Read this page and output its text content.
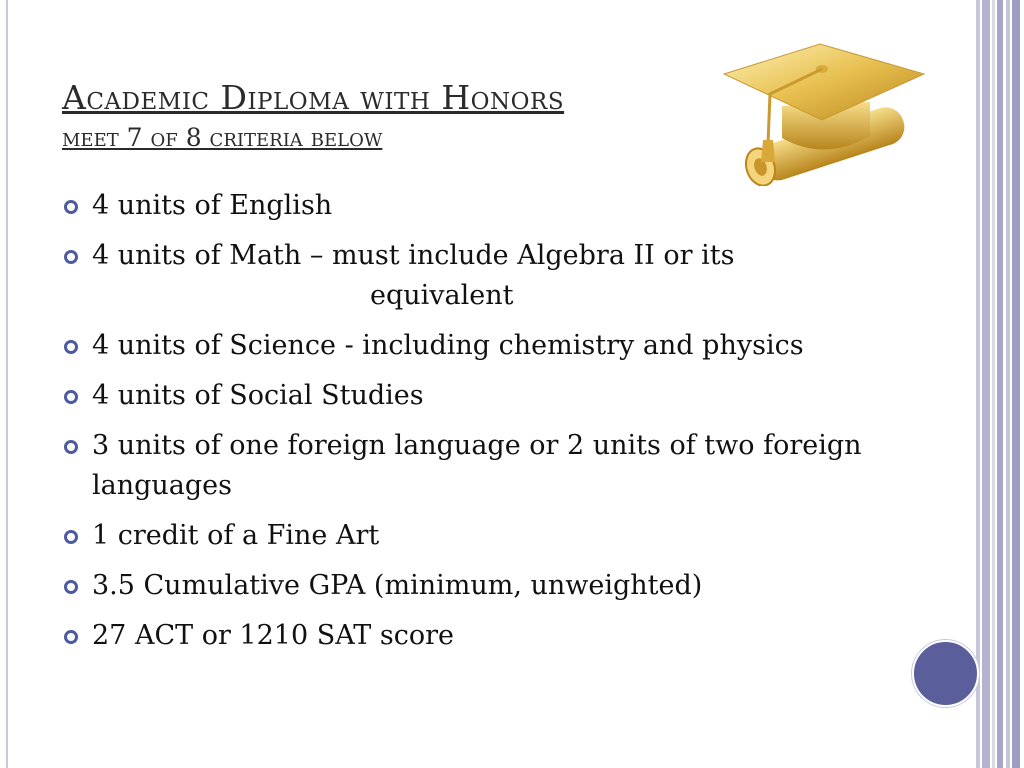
Academic Diploma with Honors
meet 7 of 8 criteria below
4 units of English
4 units of Math – must include Algebra II or its
equivalent
4 units of Science - including chemistry and physics
4 units of Social Studies
3 units of one foreign language or 2 units of two foreign languages
1 credit of a Fine Art
3.5 Cumulative GPA (minimum, unweighted)
27 ACT or 1210 SAT score
